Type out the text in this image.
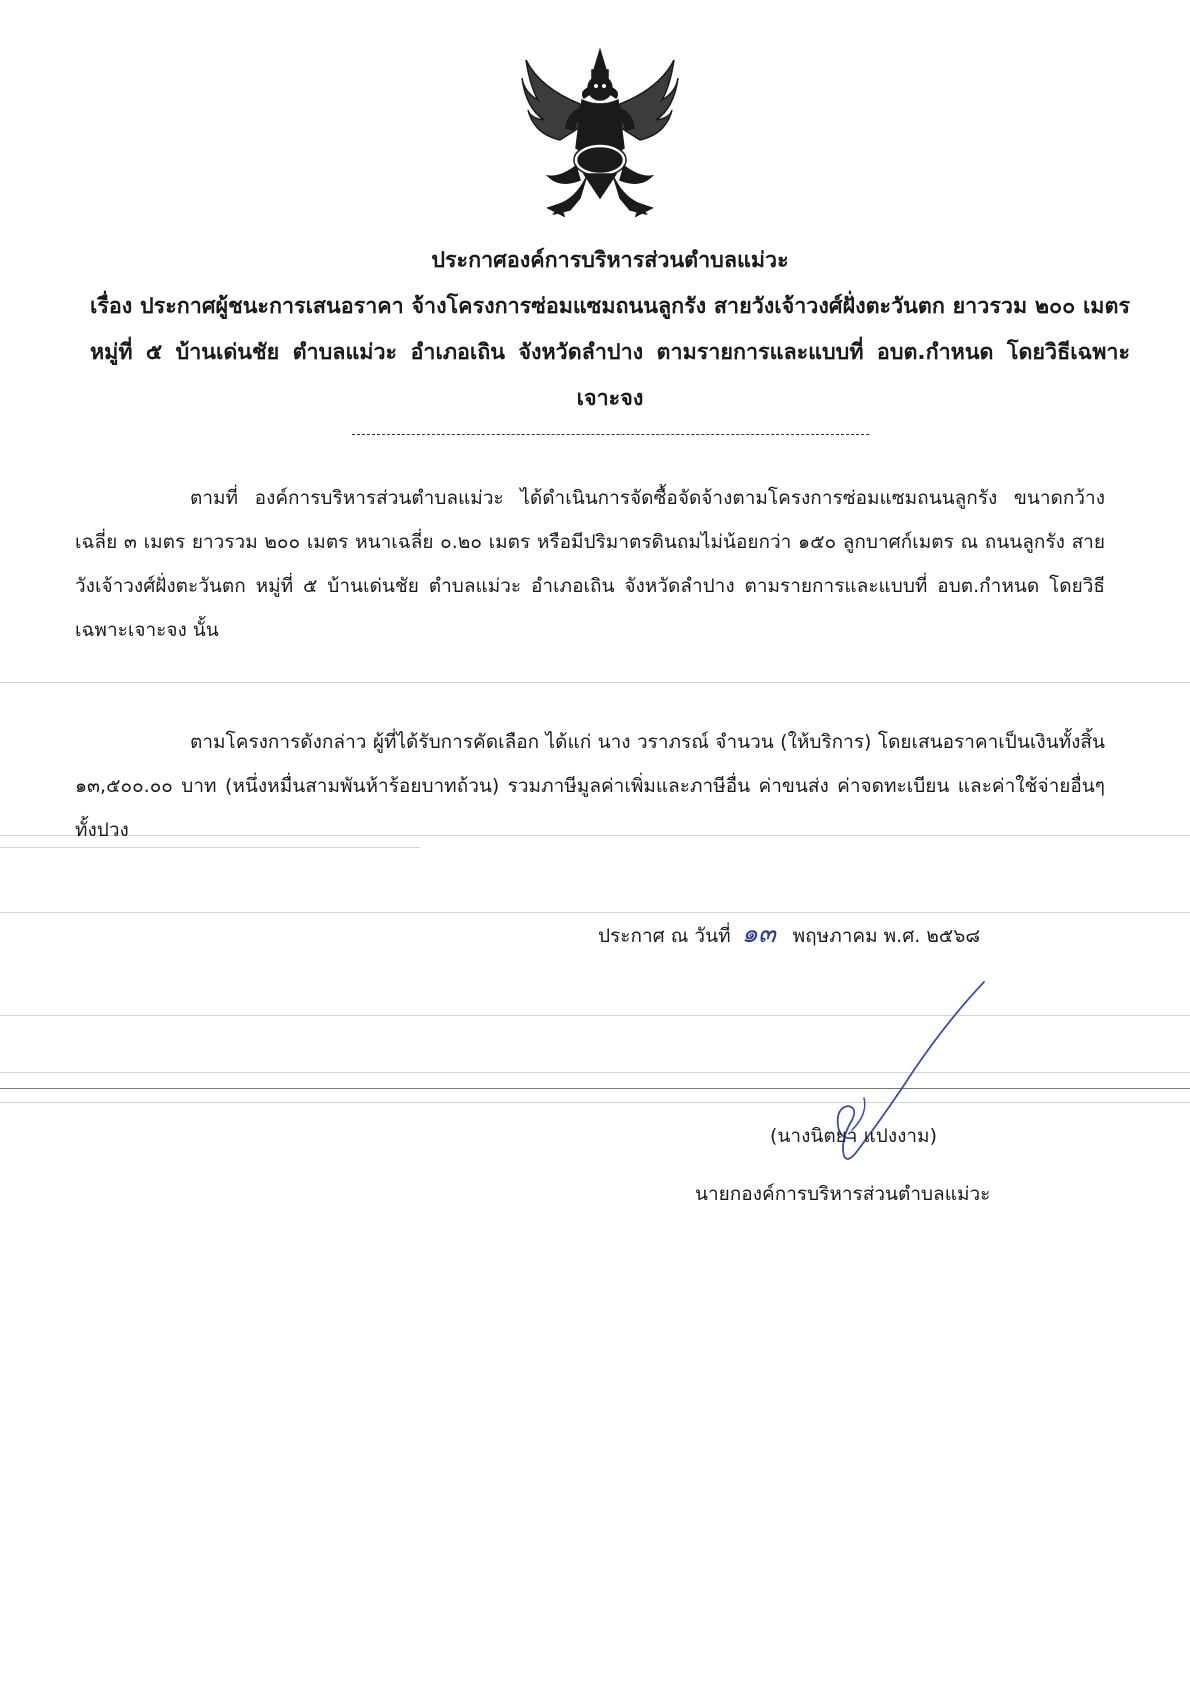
ประกาศองค์การบริหารส่วนตำบลแม่วะ
เรื่อง ประกาศผู้ชนะการเสนอราคา จ้างโครงการซ่อมแซมถนนลูกรัง สายวังเจ้าวงศ์ฝั่งตะวันตก ยาวรวม ๒๐๐ เมตร หมู่ที่ ๕ บ้านเด่นชัย ตำบลแม่วะ อำเภอเถิน จังหวัดลำปาง ตามรายการและแบบที่ อบต.กำหนด โดยวิธีเฉพาะเจาะจง
ตามที่ องค์การบริหารส่วนตำบลแม่วะ ได้ดำเนินการจัดซื้อจัดจ้างตามโครงการซ่อมแซมถนนลูกรัง ขนาดกว้างเฉลี่ย ๓ เมตร ยาวรวม ๒๐๐ เมตร หนาเฉลี่ย ๐.๒๐ เมตร หรือมีปริมาตรดินถมไม่น้อยกว่า ๑๕๐ ลูกบาศก์เมตร ณ ถนนลูกรัง สายวังเจ้าวงศ์ฝั่งตะวันตก หมู่ที่ ๕ บ้านเด่นชัย ตำบลแม่วะ อำเภอเถิน จังหวัดลำปาง ตามรายการและแบบที่ อบต.กำหนด โดยวิธีเฉพาะเจาะจง นั้น
ตามโครงการดังกล่าว ผู้ที่ได้รับการคัดเลือก ได้แก่ นาง วราภรณ์ จำนวน (ให้บริการ) โดยเสนอราคาเป็นเงินทั้งสิ้น ๑๓,๕๐๐.๐๐ บาท (หนึ่งหมื่นสามพันห้าร้อยบาทถ้วน) รวมภาษีมูลค่าเพิ่มและภาษีอื่น ค่าขนส่ง ค่าจดทะเบียน และค่าใช้จ่ายอื่นๆ ทั้งปวง
ประกาศ ณ วันที่ ๑๓ พฤษภาคม พ.ศ. ๒๕๖๘
(นางนิตยา แปงงาม)
นายกองค์การบริหารส่วนตำบลแม่วะ
